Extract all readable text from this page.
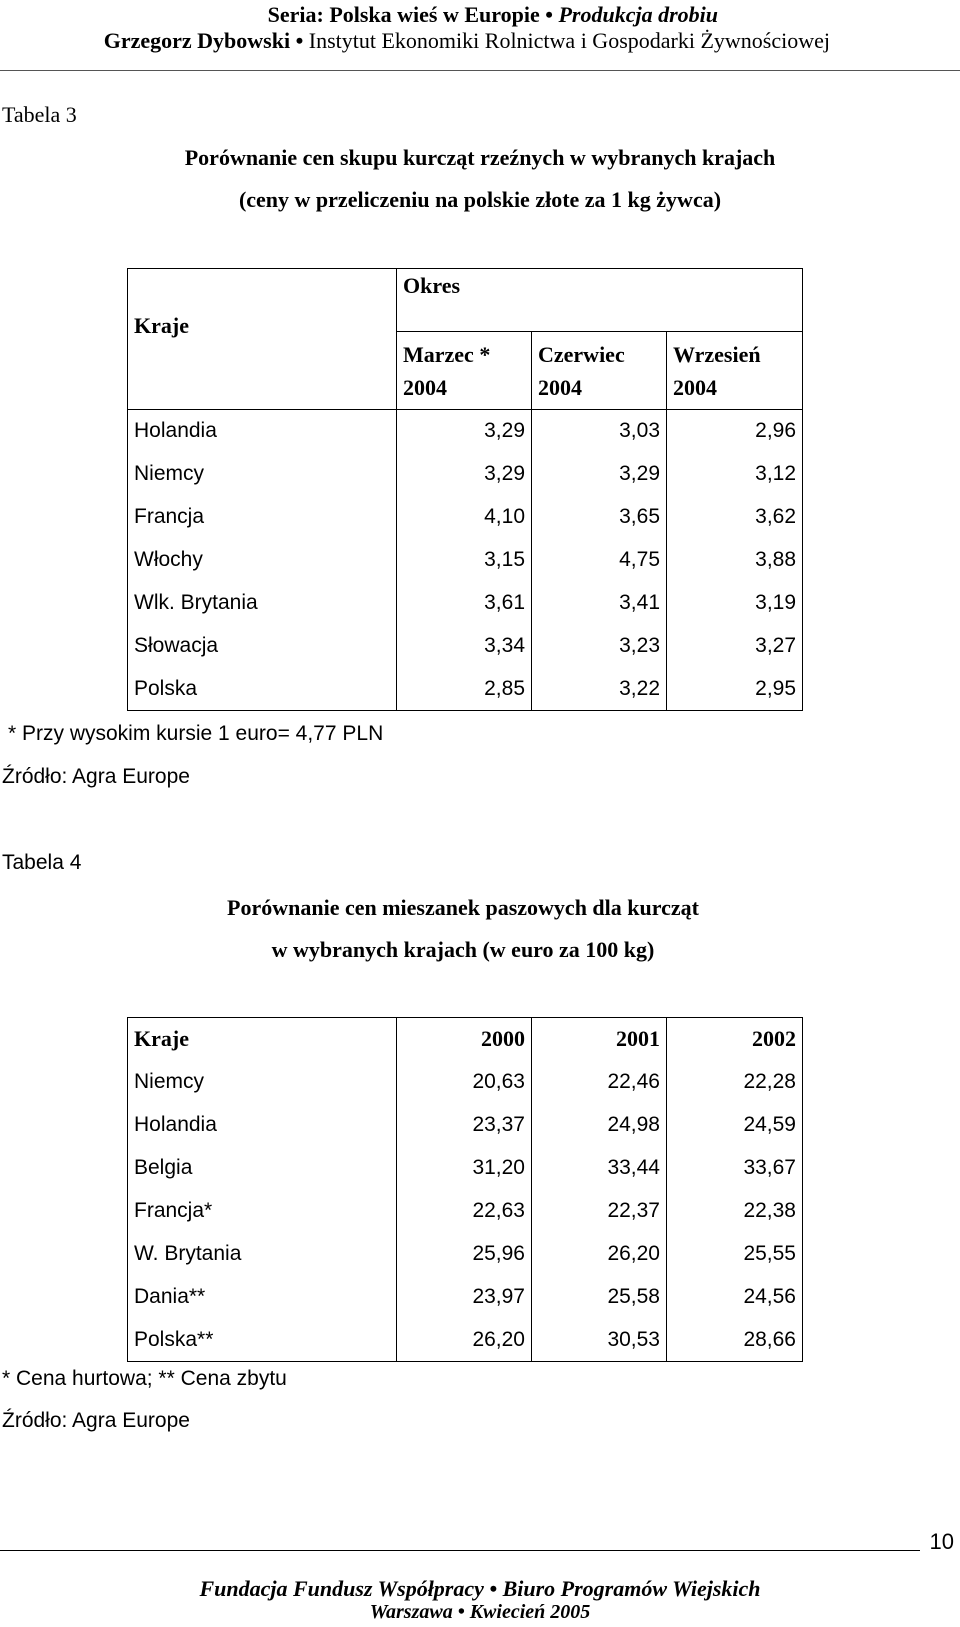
Seria: Polska wieś w Europie • Produkcja drobiu
Grzegorz Dybowski • Instytut Ekonomiki Rolnictwa i Gospodarki Żywnościowej
Tabela 3
Porównanie cen skupu kurcząt rzeźnych w wybranych krajach
(ceny w przeliczeniu na polskie złote za 1 kg żywca)
Kraje	Okres		
	Marzec *	Czerwiec	Wrzesień
	2004	2004	2004
Holandia	3,29	3,03	2,96
Niemcy	3,29	3,29	3,12
Francja	4,10	3,65	3,62
Włochy	3,15	4,75	3,88
Wlk. Brytania	3,61	3,41	3,19
Słowacja	3,34	3,23	3,27
Polska	2,85	3,22	2,95
* Przy wysokim kursie 1 euro= 4,77 PLN
Źródło: Agra Europe
Tabela 4
Porównanie cen mieszanek paszowych dla kurcząt
w wybranych krajach (w euro za 100 kg)
Kraje	2000	2001	2002
Niemcy	20,63	22,46	22,28
Holandia	23,37	24,98	24,59
Belgia	31,20	33,44	33,67
Francja*	22,63	22,37	22,38
W. Brytania	25,96	26,20	25,55
Dania**	23,97	25,58	24,56
Polska**	26,20	30,53	28,66
* Cena hurtowa; ** Cena zbytu
Źródło: Agra Europe
10
Fundacja Fundusz Współpracy • Biuro Programów Wiejskich
Warszawa • Kwiecień 2005
